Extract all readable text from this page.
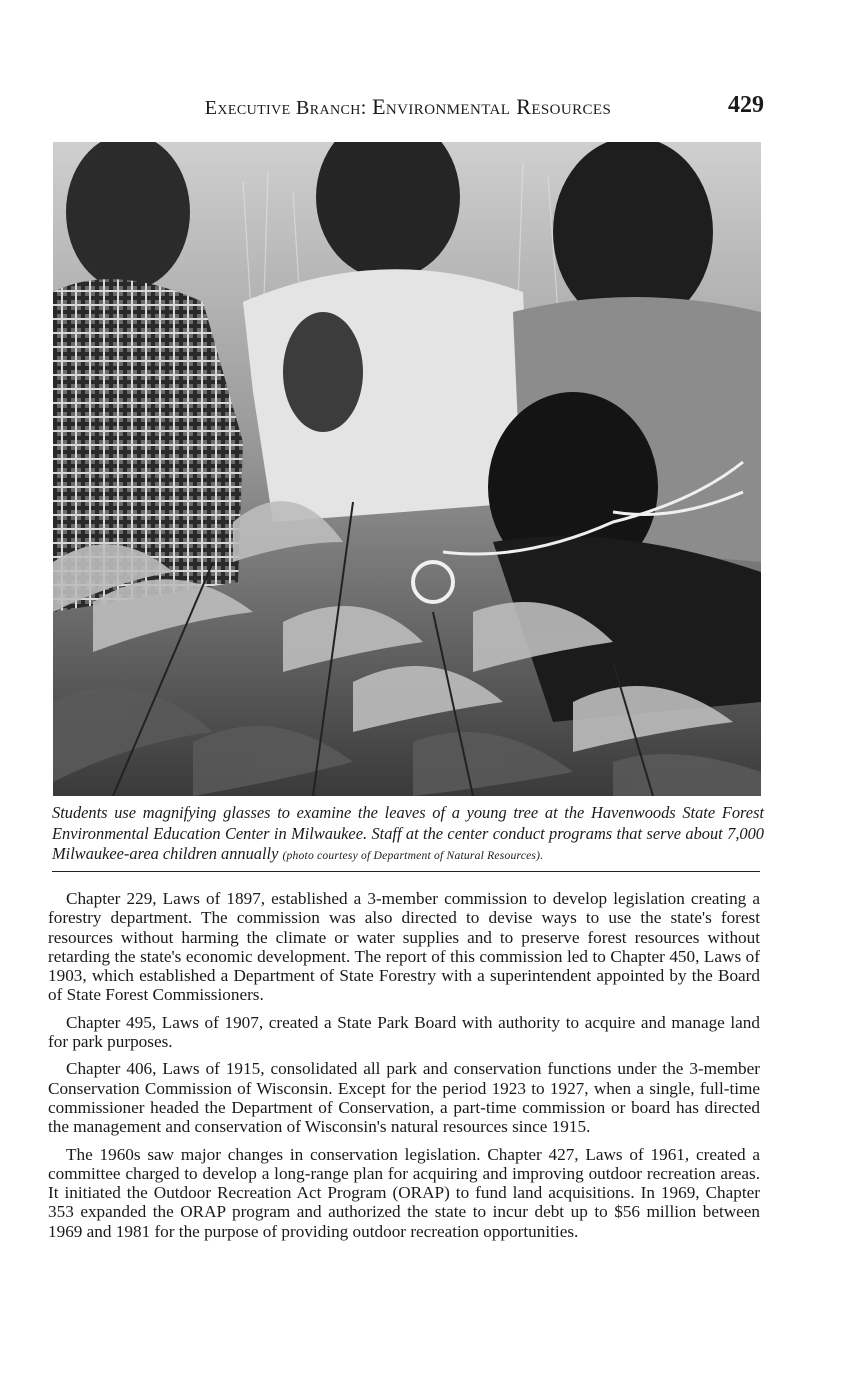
Executive Branch: Environmental Resources	429
Students use magnifying glasses to examine the leaves of a young tree at the Havenwoods State Forest Environmental Education Center in Milwaukee. Staff at the center conduct programs that serve about 7,000 Milwaukee-area children annually (photo courtesy of Department of Natural Resources).

Chapter 229, Laws of 1897, established a 3-member commission to develop legislation creating a forestry department. The commission was also directed to devise ways to use the state's forest resources without harming the climate or water supplies and to preserve forest resources without retarding the state's economic development. The report of this commission led to Chapter 450, Laws of 1903, which established a Department of State Forestry with a superintendent appointed by the Board of State Forest Commissioners.

Chapter 495, Laws of 1907, created a State Park Board with authority to acquire and manage land for park purposes.

Chapter 406, Laws of 1915, consolidated all park and conservation functions under the 3-member Conservation Commission of Wisconsin. Except for the period 1923 to 1927, when a single, full-time commissioner headed the Department of Conservation, a part-time commission or board has directed the management and conservation of Wisconsin's natural resources since 1915.

The 1960s saw major changes in conservation legislation. Chapter 427, Laws of 1961, created a committee charged to develop a long-range plan for acquiring and improving outdoor recreation areas. It initiated the Outdoor Recreation Act Program (ORAP) to fund land acquisitions. In 1969, Chapter 353 expanded the ORAP program and authorized the state to incur debt up to $56 million between 1969 and 1981 for the purpose of providing outdoor recreation opportunities.
